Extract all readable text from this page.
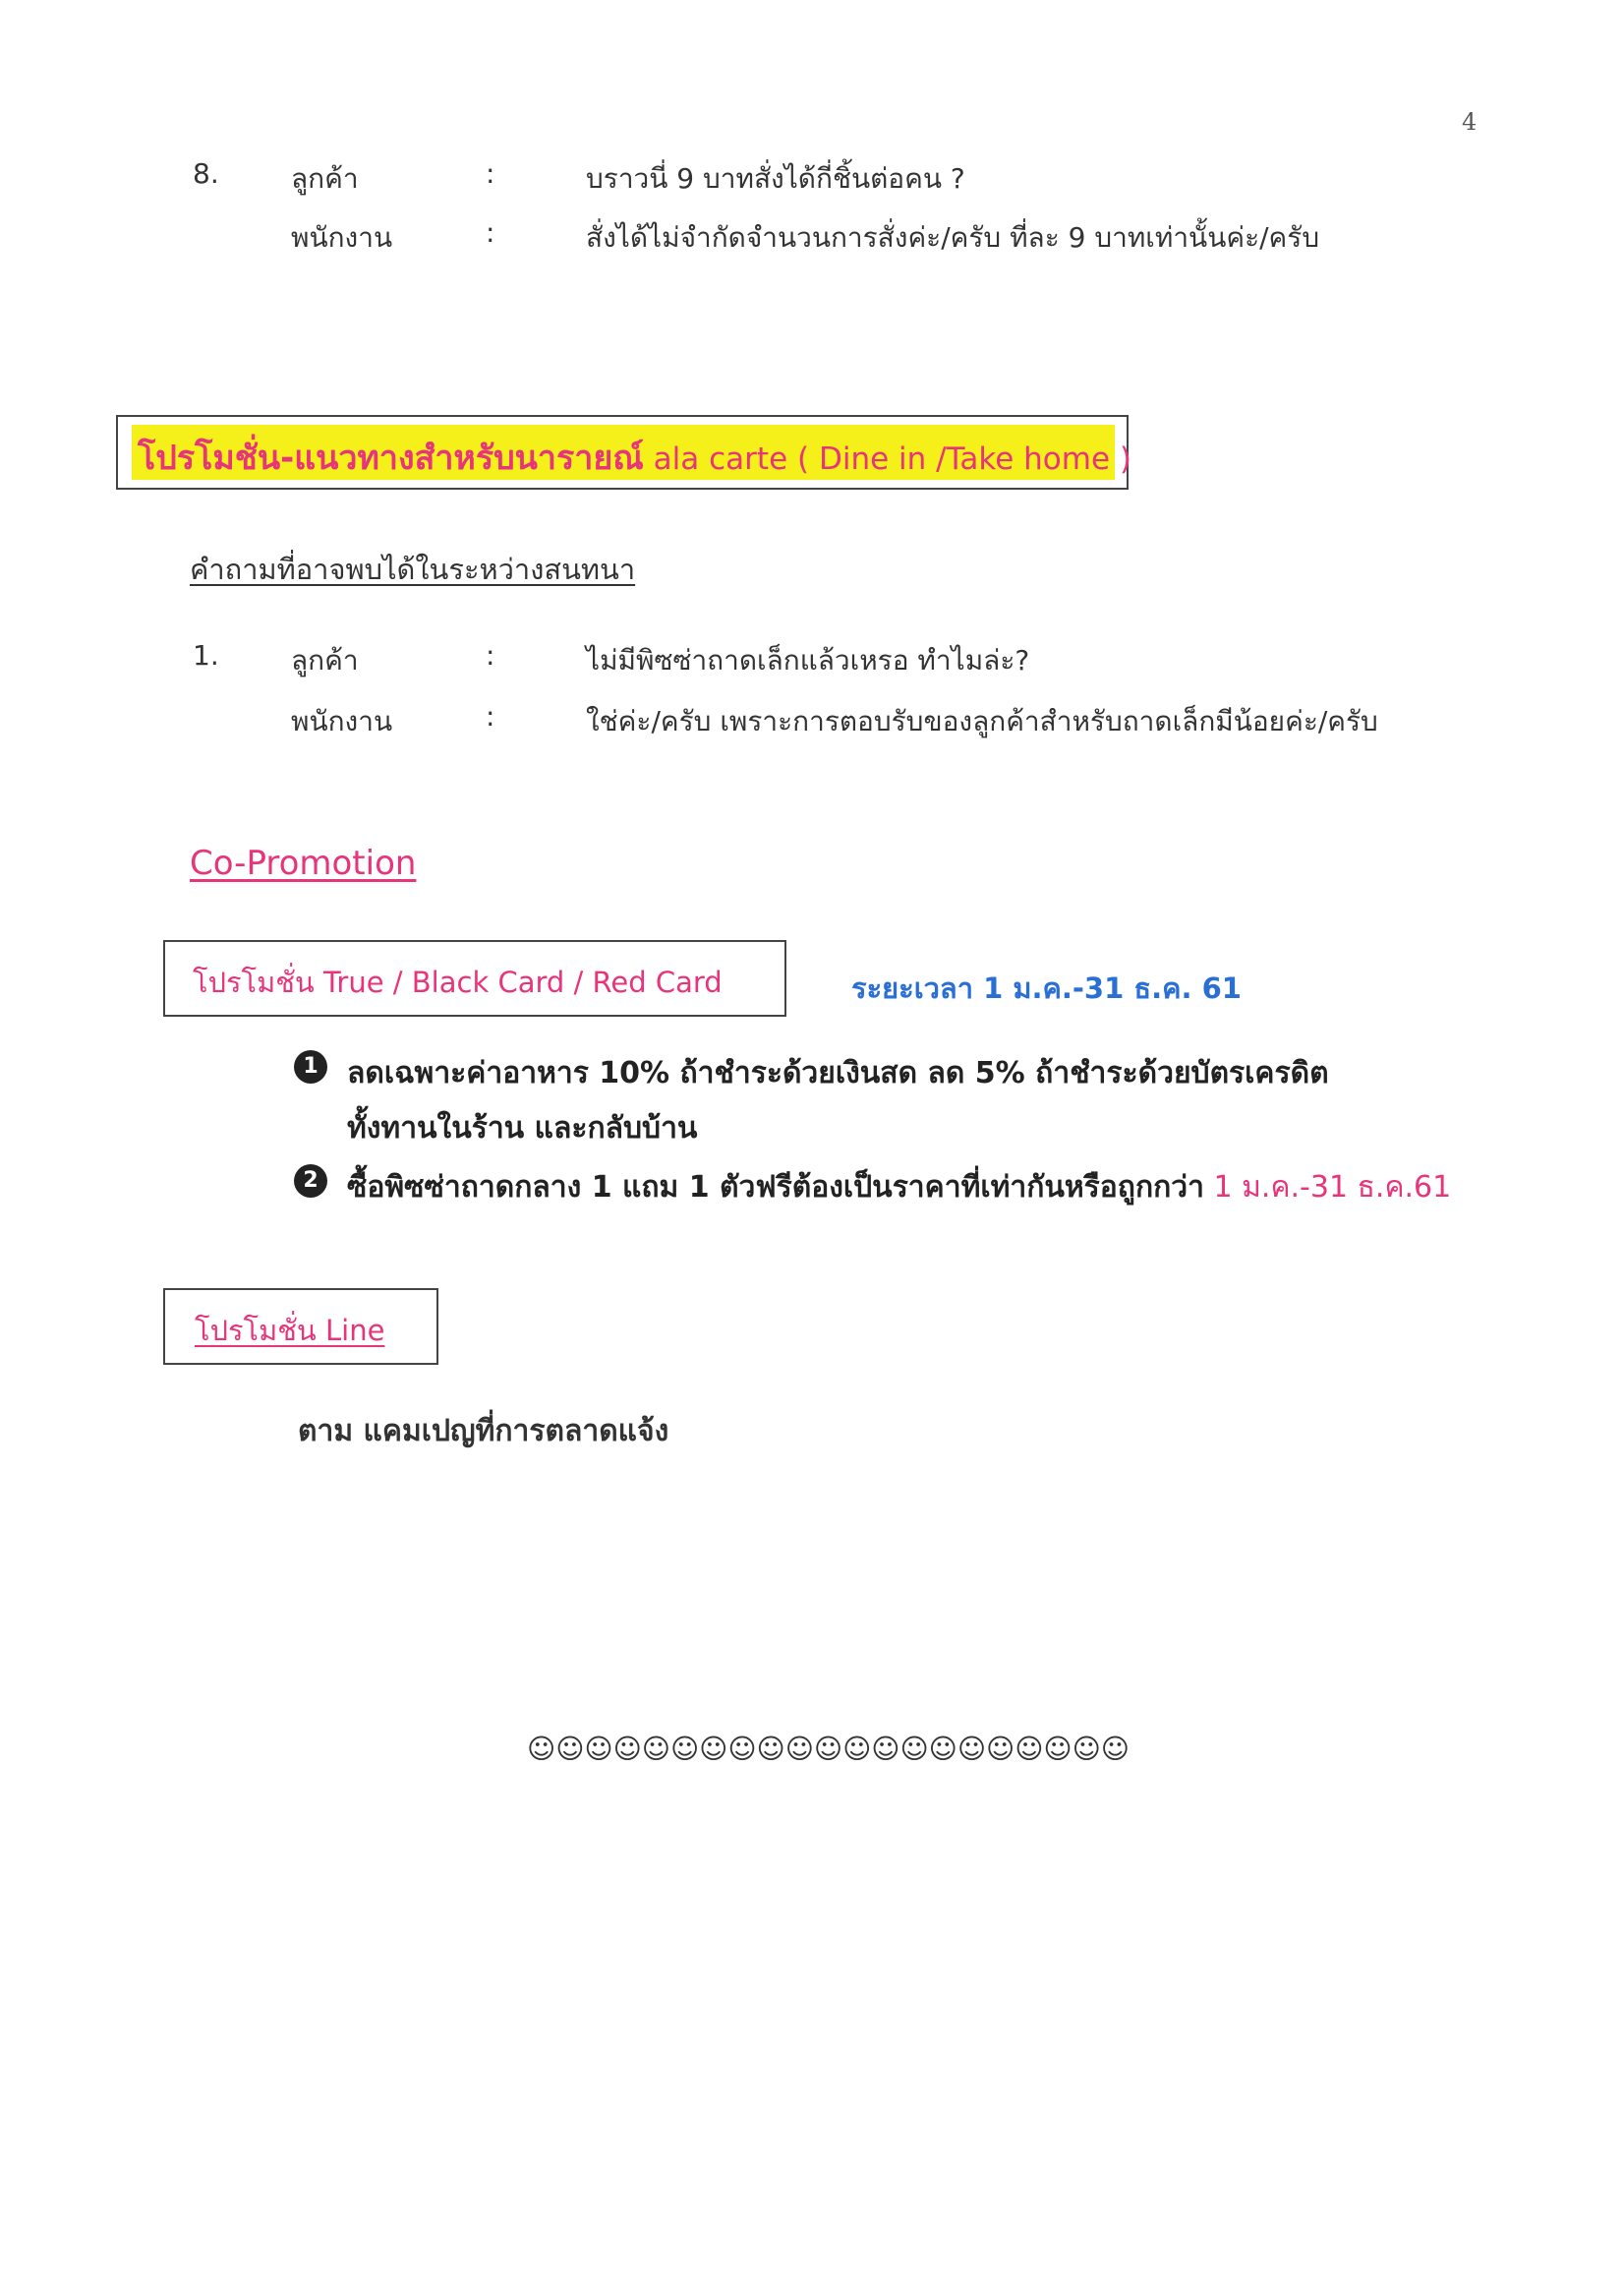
4
8.	ลูกค้า	:	บราวนี่ 9 บาทสั่งได้กี่ชิ้นต่อคน ?
พนักงาน	:	สั่งได้ไม่จำกัดจำนวนการสั่งค่ะ/ครับ ที่ละ 9 บาทเท่านั้นค่ะ/ครับ
โปรโมชั่น-แนวทางสำหรับนารายณ์ ala carte ( Dine in /Take home )
คำถามที่อาจพบได้ในระหว่างสนทนา
1.	ลูกค้า	:	ไม่มีพิซซ่าถาดเล็กแล้วเหรอ ทำไมล่ะ?
พนักงาน	:	ใช่ค่ะ/ครับ เพราะการตอบรับของลูกค้าสำหรับถาดเล็กมีน้อยค่ะ/ครับ
Co-Promotion
โปรโมชั่น True / Black Card / Red Card	ระยะเวลา 1 ม.ค.-31 ธ.ค. 61
1 ลดเฉพาะค่าอาหาร 10% ถ้าชำระด้วยเงินสด ลด 5% ถ้าชำระด้วยบัตรเครดิต
ทั้งทานในร้าน และกลับบ้าน
2 ซื้อพิซซ่าถาดกลาง 1 แถม 1 ตัวฟรีต้องเป็นราคาที่เท่ากันหรือถูกกว่า 1 ม.ค.-31 ธ.ค.61
โปรโมชั่น Line
ตาม แคมเปญที่การตลาดแจ้ง
☺☺☺☺☺☺☺☺☺☺☺☺☺☺☺☺☺☺☺☺☺
